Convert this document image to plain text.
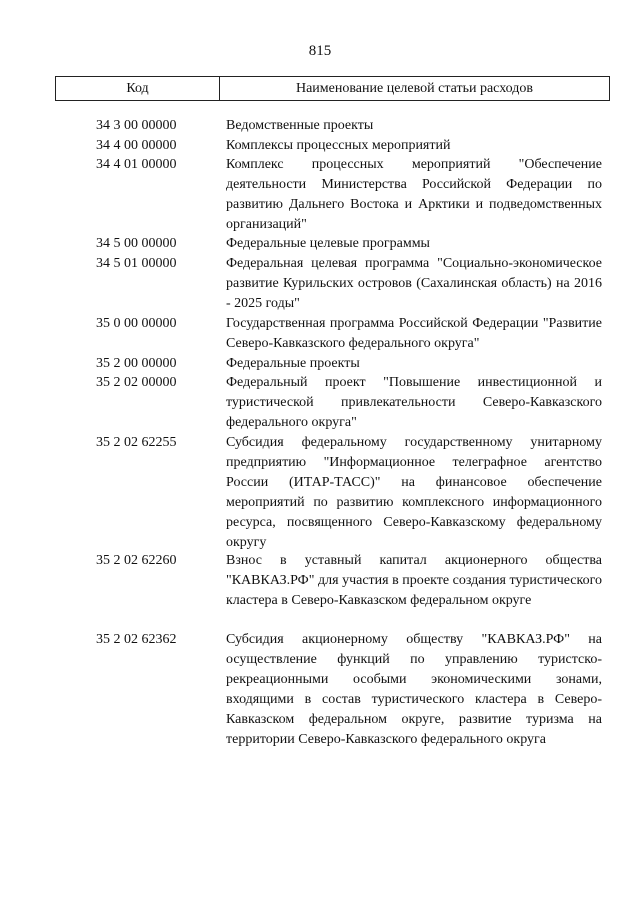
815
Код	Наименование целевой статьи расходов
34 3 00 00000	Ведомственные проекты
34 4 00 00000	Комплексы процессных мероприятий
34 4 01 00000	Комплекс процессных мероприятий "Обеспечение деятельности Министерства Российской Федерации по развитию Дальнего Востока и Арктики и подведомственных организаций"
34 5 00 00000	Федеральные целевые программы
34 5 01 00000	Федеральная целевая программа "Социально-экономическое развитие Курильских островов (Сахалинская область) на 2016 - 2025 годы"
35 0 00 00000	Государственная программа Российской Федерации "Развитие Северо-Кавказского федерального округа"
35 2 00 00000	Федеральные проекты
35 2 02 00000	Федеральный проект "Повышение инвестиционной и туристической привлекательности Северо-Кавказского федерального округа"
35 2 02 62255	Субсидия федеральному государственному унитарному предприятию "Информационное телеграфное агентство России (ИТАР-ТАСС)" на финансовое обеспечение мероприятий по развитию комплексного информационного ресурса, посвященного Северо-Кавказскому федеральному округу
35 2 02 62260	Взнос в уставный капитал акционерного общества "КАВКАЗ.РФ" для участия в проекте создания туристического кластера в Северо-Кавказском федеральном округе
35 2 02 62362	Субсидия акционерному обществу "КАВКАЗ.РФ" на осуществление функций по управлению туристско-рекреационными особыми экономическими зонами, входящими в состав туристического кластера в Северо-Кавказском федеральном округе, развитие туризма на территории Северо-Кавказского федерального округа
